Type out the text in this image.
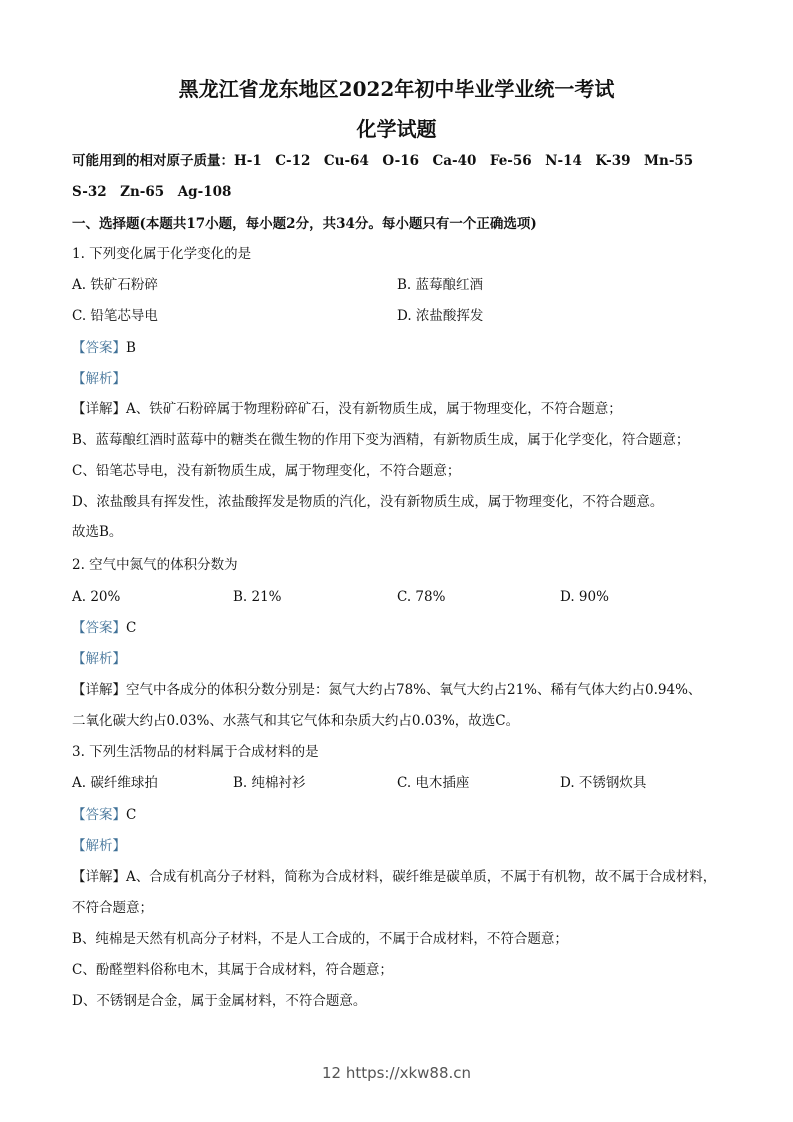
黑龙江省龙东地区2022年初中毕业学业统一考试
化学试题
可能用到的相对原子质量：H-1　C-12　Cu-64　O-16　Ca-40　Fe-56　N-14　K-39　Mn-55
S-32　Zn-65　Ag-108
一、选择题(本题共17小题，每小题2分，共34分。每小题只有一个正确选项)
1. 下列变化属于化学变化的是
A. 铁矿石粉碎	B. 蓝莓酿红酒
C. 铅笔芯导电	D. 浓盐酸挥发
【答案】B
【解析】
【详解】A、铁矿石粉碎属于物理粉碎矿石，没有新物质生成，属于物理变化，不符合题意；
B、蓝莓酿红酒时蓝莓中的糖类在微生物的作用下变为酒精，有新物质生成，属于化学变化，符合题意；
C、铅笔芯导电，没有新物质生成，属于物理变化，不符合题意；
D、浓盐酸具有挥发性，浓盐酸挥发是物质的汽化，没有新物质生成，属于物理变化，不符合题意。
故选B。
2. 空气中氮气的体积分数为
A. 20%	B. 21%	C. 78%	D. 90%
【答案】C
【解析】
【详解】空气中各成分的体积分数分别是：氮气大约占78%、氧气大约占21%、稀有气体大约占0.94%、
二氧化碳大约占0.03%、水蒸气和其它气体和杂质大约占0.03%，故选C。
3. 下列生活物品的材料属于合成材料的是
A. 碳纤维球拍	B. 纯棉衬衫	C. 电木插座	D. 不锈钢炊具
【答案】C
【解析】
【详解】A、合成有机高分子材料，简称为合成材料，碳纤维是碳单质，不属于有机物，故不属于合成材料，
不符合题意；
B、纯棉是天然有机高分子材料，不是人工合成的，不属于合成材料，不符合题意；
C、酚醛塑料俗称电木，其属于合成材料，符合题意；
D、不锈钢是合金，属于金属材料，不符合题意。
12 https://xkw88.cn
